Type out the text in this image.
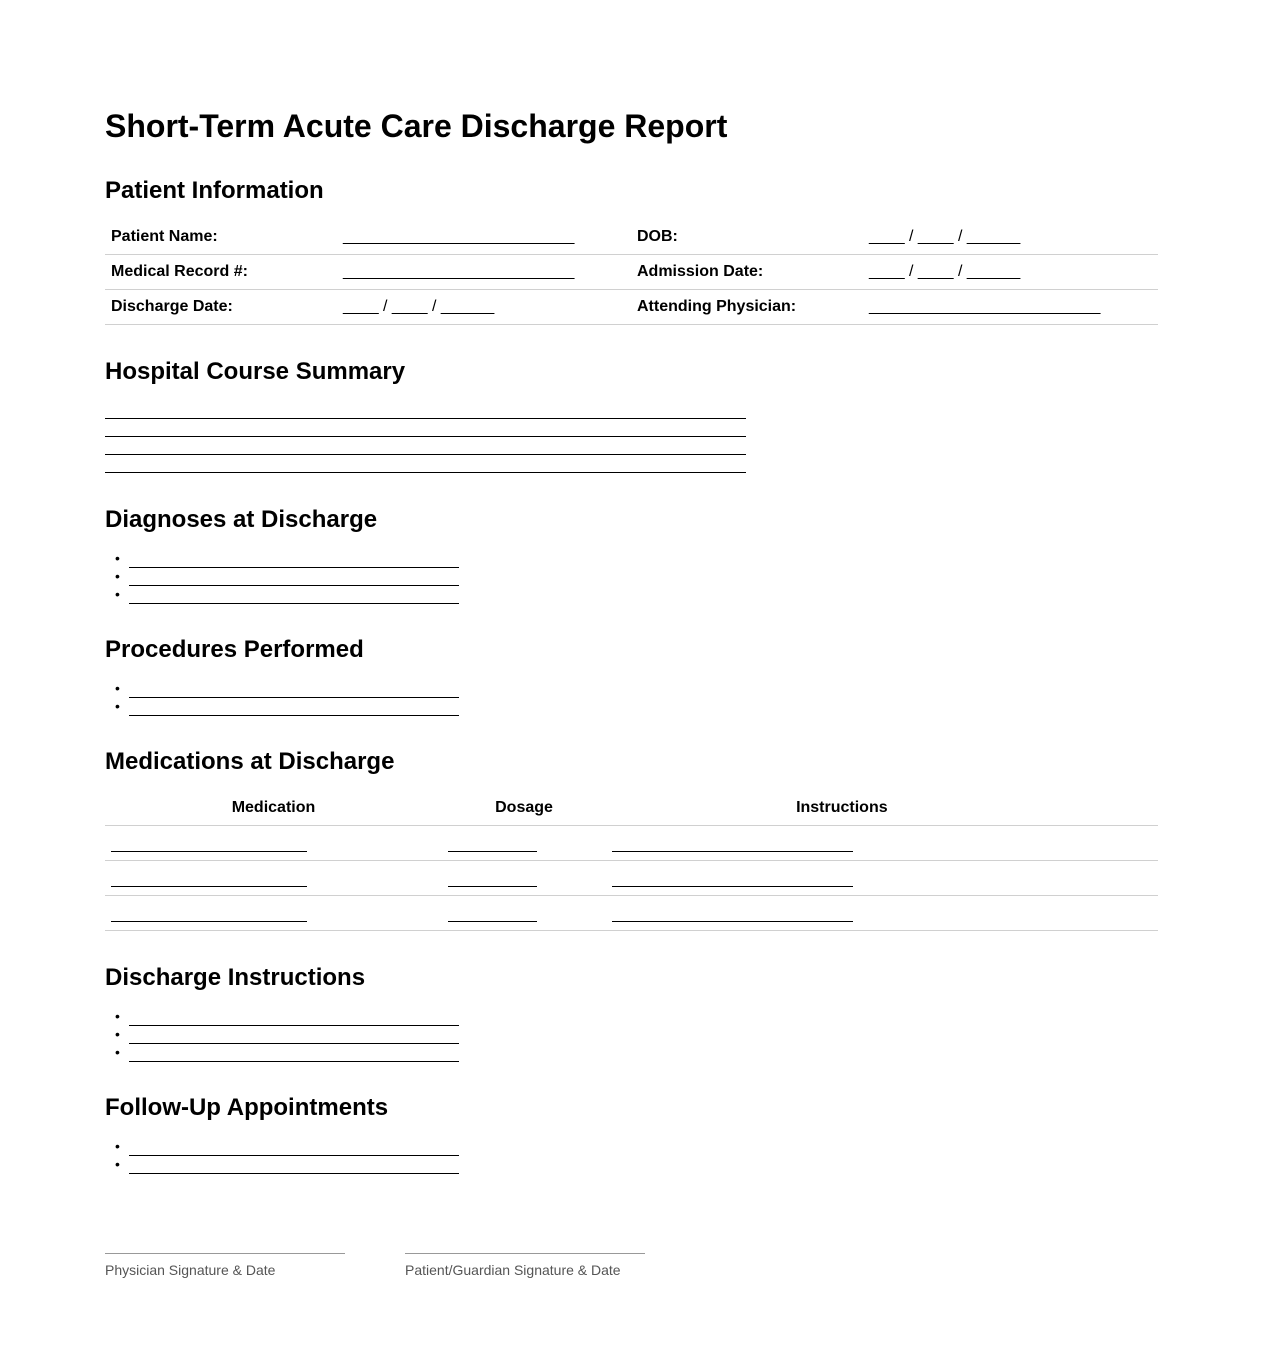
Short-Term Acute Care Discharge Report
Patient Information
Patient Name:	__________________________	DOB:	____ / ____ / ______
Medical Record #:	__________________________	Admission Date:	____ / ____ / ______
Discharge Date:	____ / ____ / ______	Attending Physician:	__________________________
Hospital Course Summary
Diagnoses at Discharge
•
•
•
Procedures Performed
•
•
Medications at Discharge
Medication	Dosage	Instructions

Discharge Instructions
•
•
•
Follow-Up Appointments
•
•
Physician Signature & Date	Patient/Guardian Signature & Date
